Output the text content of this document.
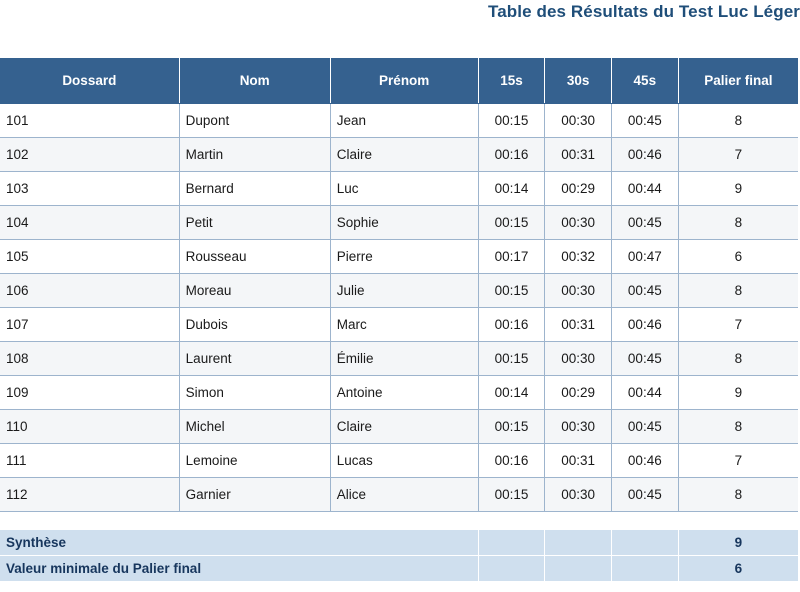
Table des Résultats du Test Luc Léger
Dossard	Nom	Prénom	15s	30s	45s	Palier final
101	Dupont	Jean	00:15	00:30	00:45	8
102	Martin	Claire	00:16	00:31	00:46	7
103	Bernard	Luc	00:14	00:29	00:44	9
104	Petit	Sophie	00:15	00:30	00:45	8
105	Rousseau	Pierre	00:17	00:32	00:47	6
106	Moreau	Julie	00:15	00:30	00:45	8
107	Dubois	Marc	00:16	00:31	00:46	7
108	Laurent	Émilie	00:15	00:30	00:45	8
109	Simon	Antoine	00:14	00:29	00:44	9
110	Michel	Claire	00:15	00:30	00:45	8
111	Lemoine	Lucas	00:16	00:31	00:46	7
112	Garnier	Alice	00:15	00:30	00:45	8
Synthèse				9
Valeur minimale du Palier final				6
